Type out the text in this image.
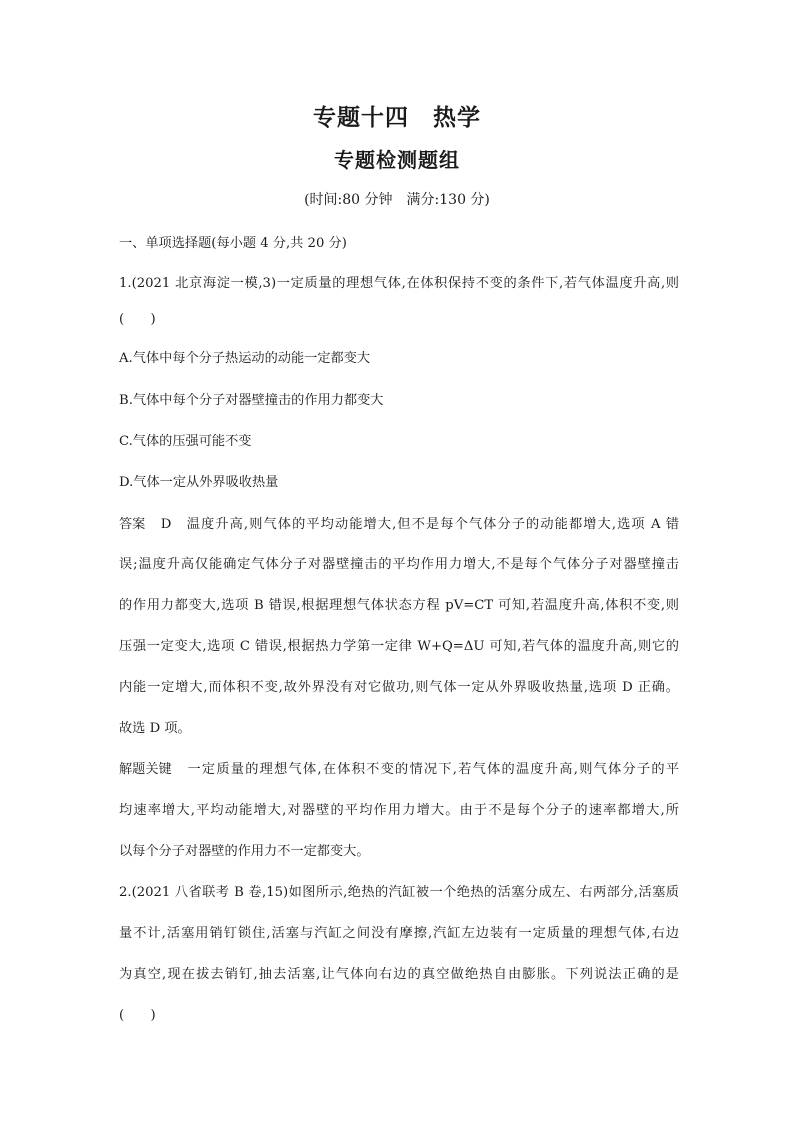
专题十四　热学
专题检测题组
(时间:80 分钟　满分:130 分)
一、单项选择题(每小题 4 分,共 20 分)
1.(2021 北京海淀一模,3)一定质量的理想气体,在体积保持不变的条件下,若气体温度升高,则
(　　)
A.气体中每个分子热运动的动能一定都变大
B.气体中每个分子对器壁撞击的作用力都变大
C.气体的压强可能不变
D.气体一定从外界吸收热量
答案　 D　温度升高,则气体的平均动能增大,但不是每个气体分子的动能都增大,选项 A 错
误;温度升高仅能确定气体分子对器壁撞击的平均作用力增大,不是每个气体分子对器壁撞击
的作用力都变大,选项 B 错误,根据理想气体状态方程 pV=CT 可知,若温度升高,体积不变,则
压强一定变大,选项 C 错误,根据热力学第一定律 W+Q=ΔU 可知,若气体的温度升高,则它的
内能一定增大,而体积不变,故外界没有对它做功,则气体一定从外界吸收热量,选项 D 正确。
故选 D 项。
解题关键　 一定质量的理想气体,在体积不变的情况下,若气体的温度升高,则气体分子的平
均速率增大,平均动能增大,对器壁的平均作用力增大。由于不是每个分子的速率都增大,所
以每个分子对器壁的作用力不一定都变大。
2.(2021 八省联考 B 卷,15)如图所示,绝热的汽缸被一个绝热的活塞分成左、右两部分,活塞质
量不计,活塞用销钉锁住,活塞与汽缸之间没有摩擦,汽缸左边装有一定质量的理想气体,右边
为真空,现在拔去销钉,抽去活塞,让气体向右边的真空做绝热自由膨胀。下列说法正确的是
(　　)
